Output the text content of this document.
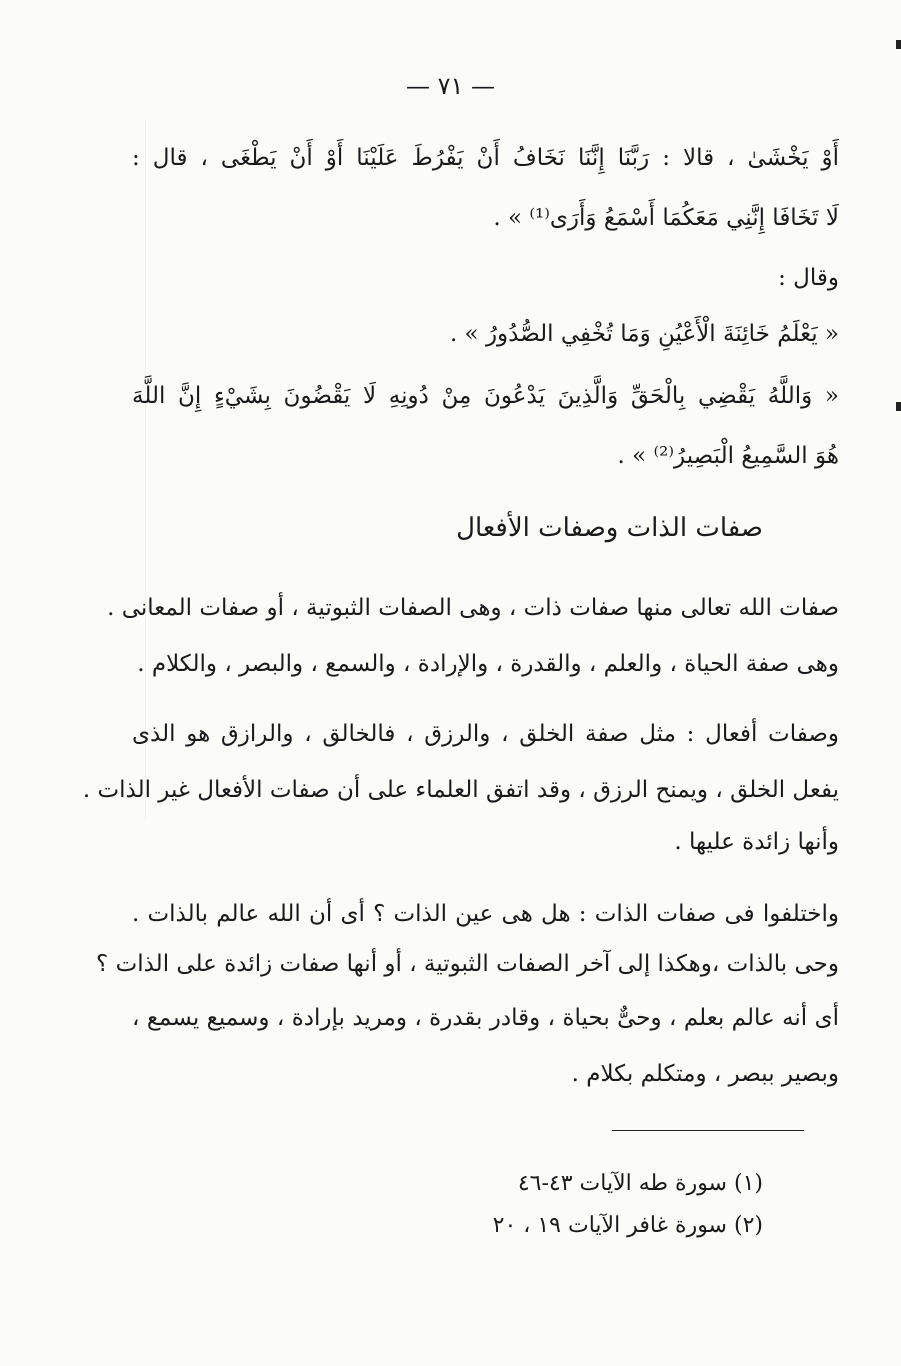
— ٧١ —
أَوْ يَخْشَىٰ ، قالا : رَبَّنَا إِنَّنَا نَخَافُ أَنْ يَفْرُطَ عَلَيْنَا أَوْ أَنْ يَطْغَى ، قال :
لَا تَخَافَا إِنَّنِي مَعَكُمَا أَسْمَعُ وَأَرَى⁽¹⁾ » .
وقال :
« يَعْلَمُ خَائِنَةَ الْأَعْيُنِ وَمَا تُخْفِي الصُّدُورُ » .
« وَاللَّهُ يَقْضِي بِالْحَقِّ وَالَّذِينَ يَدْعُونَ مِنْ دُونِهِ لَا يَقْضُونَ بِشَيْءٍ إِنَّ اللَّهَ
هُوَ السَّمِيعُ الْبَصِيرُ⁽²⁾ » .
صفات الذات وصفات الأفعال
صفات الله تعالى منها صفات ذات ، وهى الصفات الثبوتية ، أو صفات المعانى .
وهى صفة الحياة ، والعلم ، والقدرة ، والإرادة ، والسمع ، والبصر ، والكلام .
وصفات أفعال : مثل صفة الخلق ، والرزق ، فالخالق ، والرازق هو الذى
يفعل الخلق ، ويمنح الرزق ، وقد اتفق العلماء على أن صفات الأفعال غير الذات .
وأنها زائدة عليها .
واختلفوا فى صفات الذات : هل هى عين الذات ؟ أى أن الله عالم بالذات .
وحى بالذات ،وهكذا إلى آخر الصفات الثبوتية ، أو أنها صفات زائدة على الذات ؟
أى أنه عالم بعلم ، وحىٌّ بحياة ، وقادر بقدرة ، ومريد بإرادة ، وسميع يسمع ،
وبصير ببصر ، ومتكلم بكلام .
(١) سورة طه الآيات ٤٣-٤٦
(٢) سورة غافر الآيات ١٩ ، ٢٠
